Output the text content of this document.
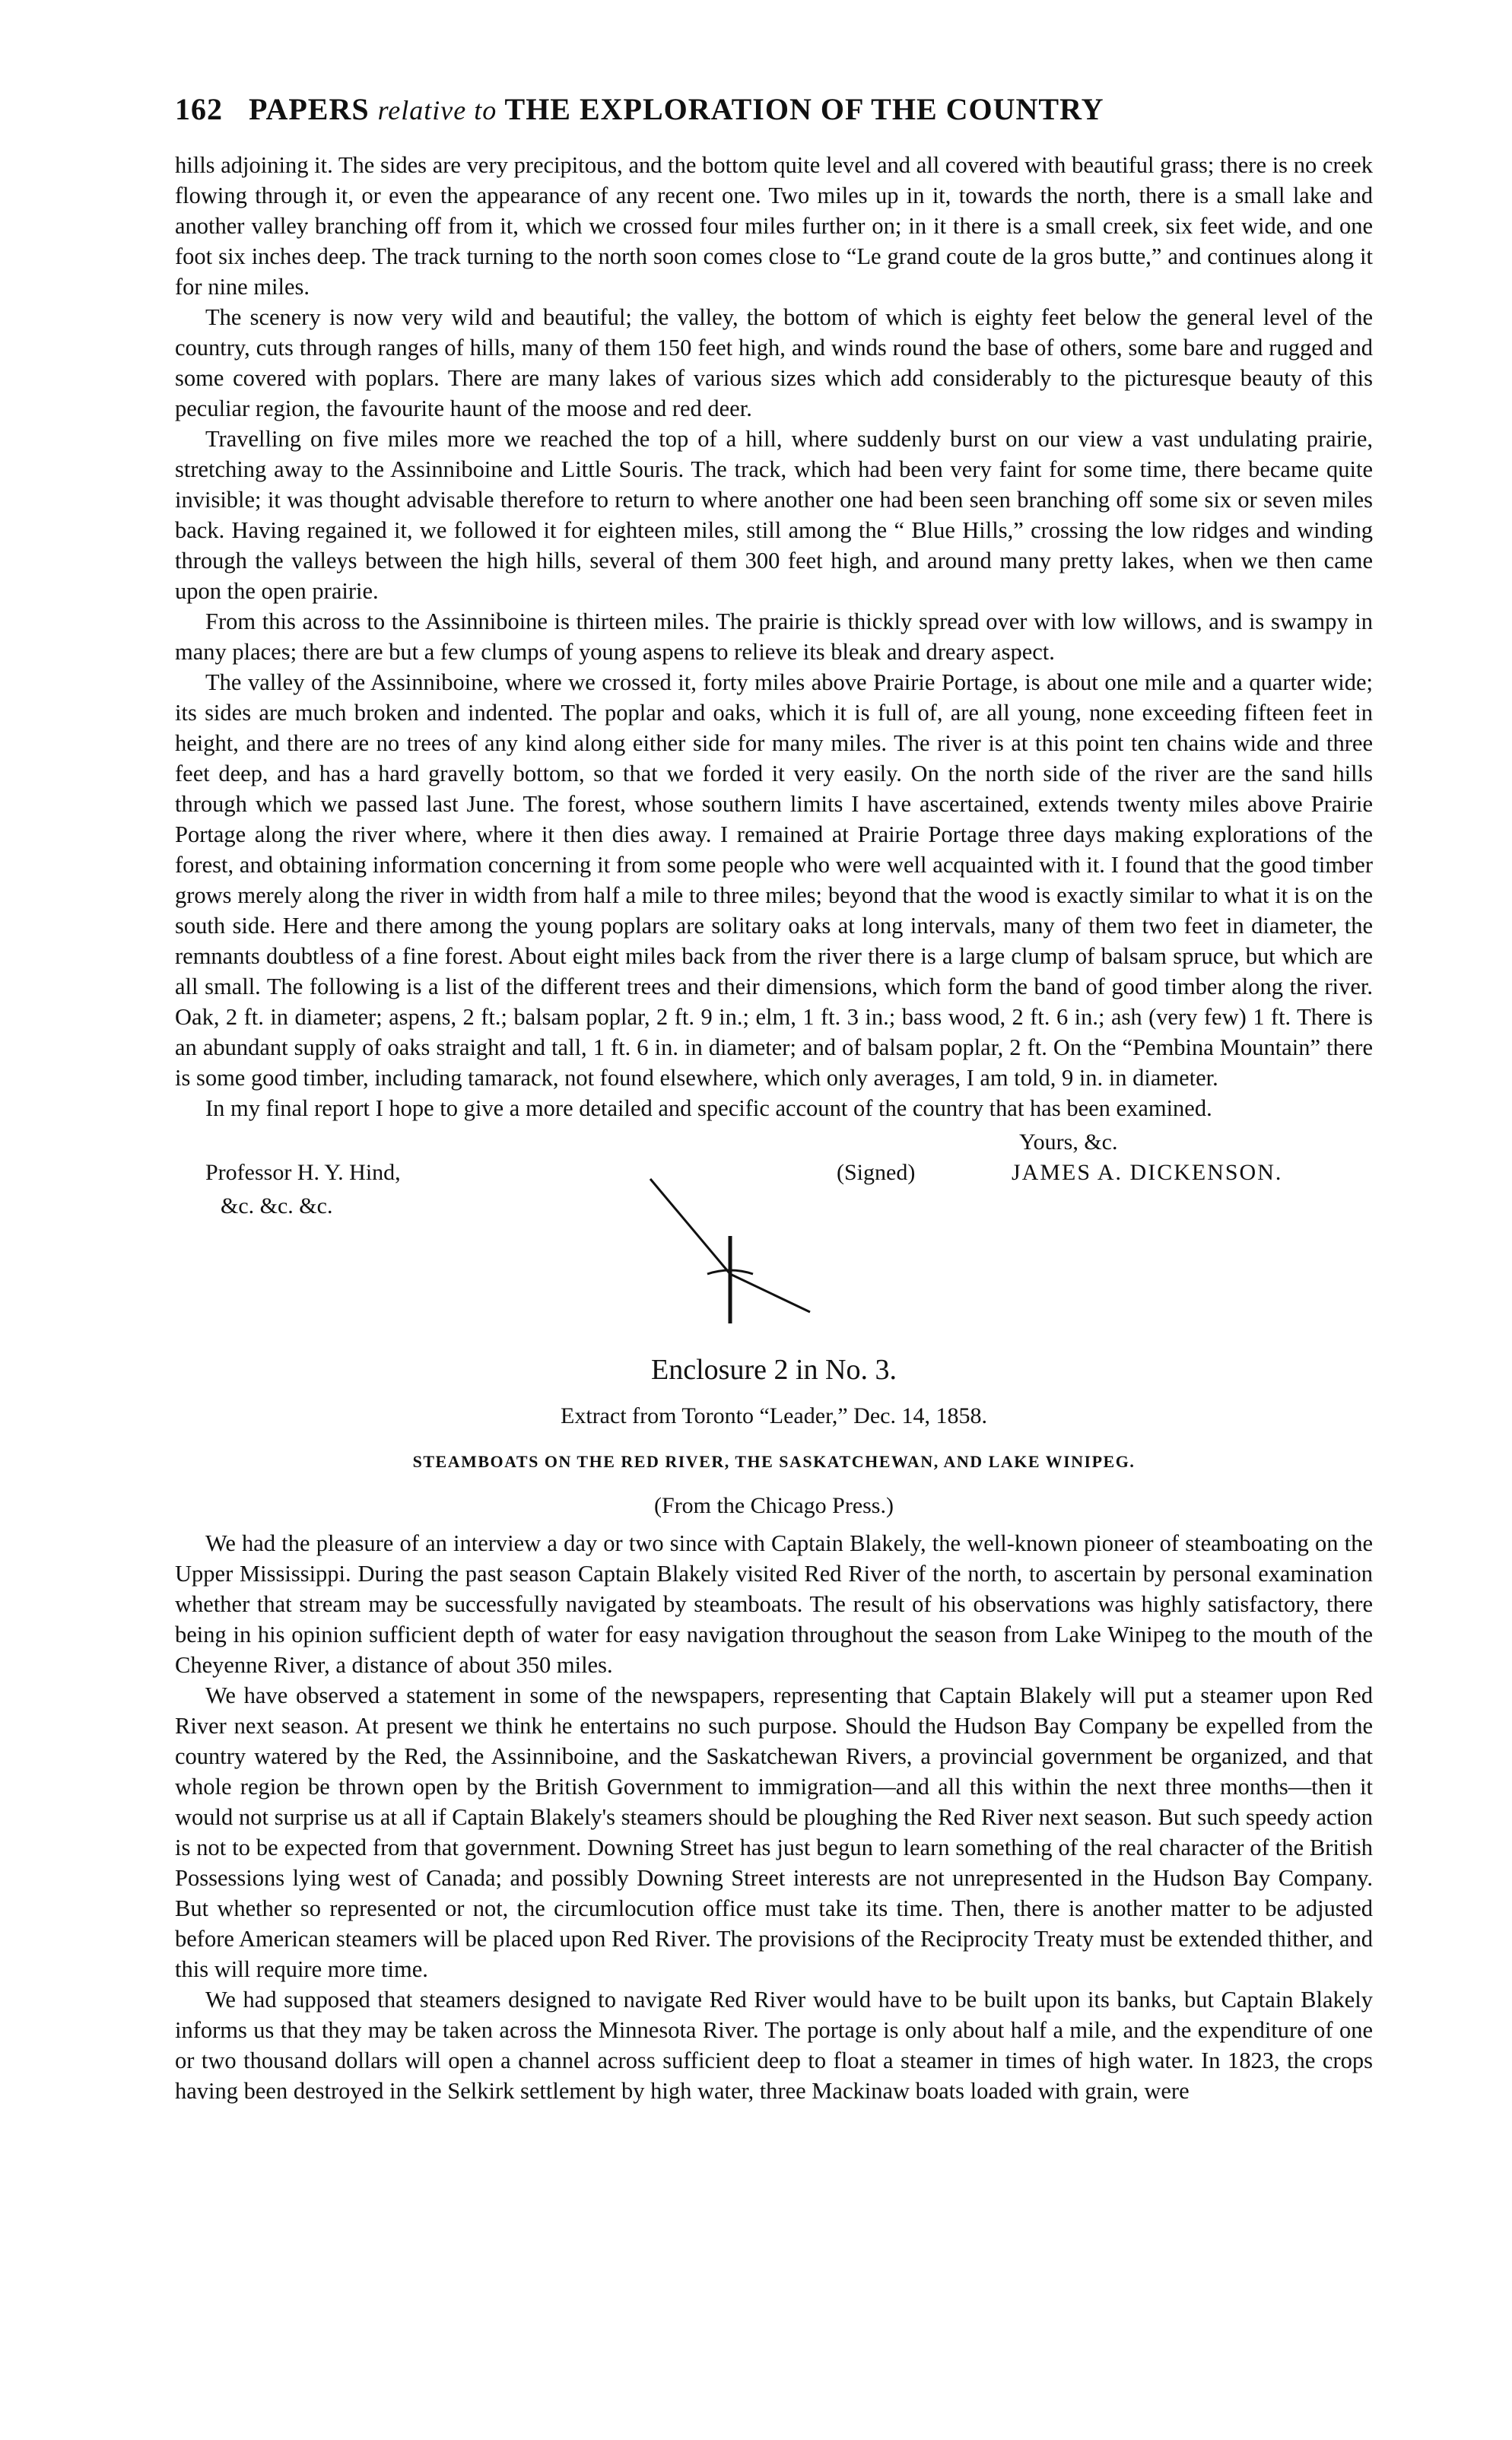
162 PAPERS relative to THE EXPLORATION OF THE COUNTRY

hills adjoining it. The sides are very precipitous, and the bottom quite level and all covered with beautiful grass; there is no creek flowing through it, or even the appearance of any recent one. Two miles up in it, towards the north, there is a small lake and another valley branching off from it, which we crossed four miles further on; in it there is a small creek, six feet wide, and one foot six inches deep. The track turning to the north soon comes close to “Le grand coute de la gros butte,” and continues along it for nine miles.

The scenery is now very wild and beautiful; the valley, the bottom of which is eighty feet below the general level of the country, cuts through ranges of hills, many of them 150 feet high, and winds round the base of others, some bare and rugged and some covered with poplars. There are many lakes of various sizes which add considerably to the picturesque beauty of this peculiar region, the favourite haunt of the moose and red deer.

Travelling on five miles more we reached the top of a hill, where suddenly burst on our view a vast undulating prairie, stretching away to the Assinniboine and Little Souris. The track, which had been very faint for some time, there became quite invisible; it was thought advisable therefore to return to where another one had been seen branching off some six or seven miles back. Having regained it, we followed it for eighteen miles, still among the “ Blue Hills,” crossing the low ridges and winding through the valleys between the high hills, several of them 300 feet high, and around many pretty lakes, when we then came upon the open prairie.

From this across to the Assinniboine is thirteen miles. The prairie is thickly spread over with low willows, and is swampy in many places; there are but a few clumps of young aspens to relieve its bleak and dreary aspect.

The valley of the Assinniboine, where we crossed it, forty miles above Prairie Portage, is about one mile and a quarter wide; its sides are much broken and indented. The poplar and oaks, which it is full of, are all young, none exceeding fifteen feet in height, and there are no trees of any kind along either side for many miles. The river is at this point ten chains wide and three feet deep, and has a hard gravelly bottom, so that we forded it very easily. On the north side of the river are the sand hills through which we passed last June. The forest, whose southern limits I have ascertained, extends twenty miles above Prairie Portage along the river where, where it then dies away. I remained at Prairie Portage three days making explorations of the forest, and obtaining information concerning it from some people who were well acquainted with it. I found that the good timber grows merely along the river in width from half a mile to three miles; beyond that the wood is exactly similar to what it is on the south side. Here and there among the young poplars are solitary oaks at long intervals, many of them two feet in diameter, the remnants doubtless of a fine forest. About eight miles back from the river there is a large clump of balsam spruce, but which are all small. The following is a list of the different trees and their dimensions, which form the band of good timber along the river. Oak, 2 ft. in diameter; aspens, 2 ft.; balsam poplar, 2 ft. 9 in.; elm, 1 ft. 3 in.; bass wood, 2 ft. 6 in.; ash (very few) 1 ft. There is an abundant supply of oaks straight and tall, 1 ft. 6 in. in diameter; and of balsam poplar, 2 ft. On the “Pembina Mountain” there is some good timber, including tamarack, not found elsewhere, which only averages, I am told, 9 in. in diameter.

In my final report I hope to give a more detailed and specific account of the country that has been examined.

Yours, &c.
Professor H. Y. Hind,
&c. &c. &c.
(Signed)	JAMES A. DICKENSON.
Enclosure 2 in No. 3.
Extract from Toronto “Leader,” Dec. 14, 1858.
STEAMBOATS ON THE RED RIVER, THE SASKATCHEWAN, AND LAKE WINIPEG.
(From the Chicago Press.)

We had the pleasure of an interview a day or two since with Captain Blakely, the well-known pioneer of steamboating on the Upper Mississippi. During the past season Captain Blakely visited Red River of the north, to ascertain by personal examination whether that stream may be successfully navigated by steamboats. The result of his observations was highly satisfactory, there being in his opinion sufficient depth of water for easy navigation throughout the season from Lake Winipeg to the mouth of the Cheyenne River, a distance of about 350 miles.

We have observed a statement in some of the newspapers, representing that Captain Blakely will put a steamer upon Red River next season. At present we think he entertains no such purpose. Should the Hudson Bay Company be expelled from the country watered by the Red, the Assinniboine, and the Saskatchewan Rivers, a provincial government be organized, and that whole region be thrown open by the British Government to immigration—and all this within the next three months—then it would not surprise us at all if Captain Blakely's steamers should be ploughing the Red River next season. But such speedy action is not to be expected from that government. Downing Street has just begun to learn something of the real character of the British Possessions lying west of Canada; and possibly Downing Street interests are not unrepresented in the Hudson Bay Company. But whether so represented or not, the circumlocution office must take its time. Then, there is another matter to be adjusted before American steamers will be placed upon Red River. The provisions of the Reciprocity Treaty must be extended thither, and this will require more time.

We had supposed that steamers designed to navigate Red River would have to be built upon its banks, but Captain Blakely informs us that they may be taken across the Minnesota River. The portage is only about half a mile, and the expenditure of one or two thousand dollars will open a channel across sufficient deep to float a steamer in times of high water. In 1823, the crops having been destroyed in the Selkirk settlement by high water, three Mackinaw boats loaded with grain, were
